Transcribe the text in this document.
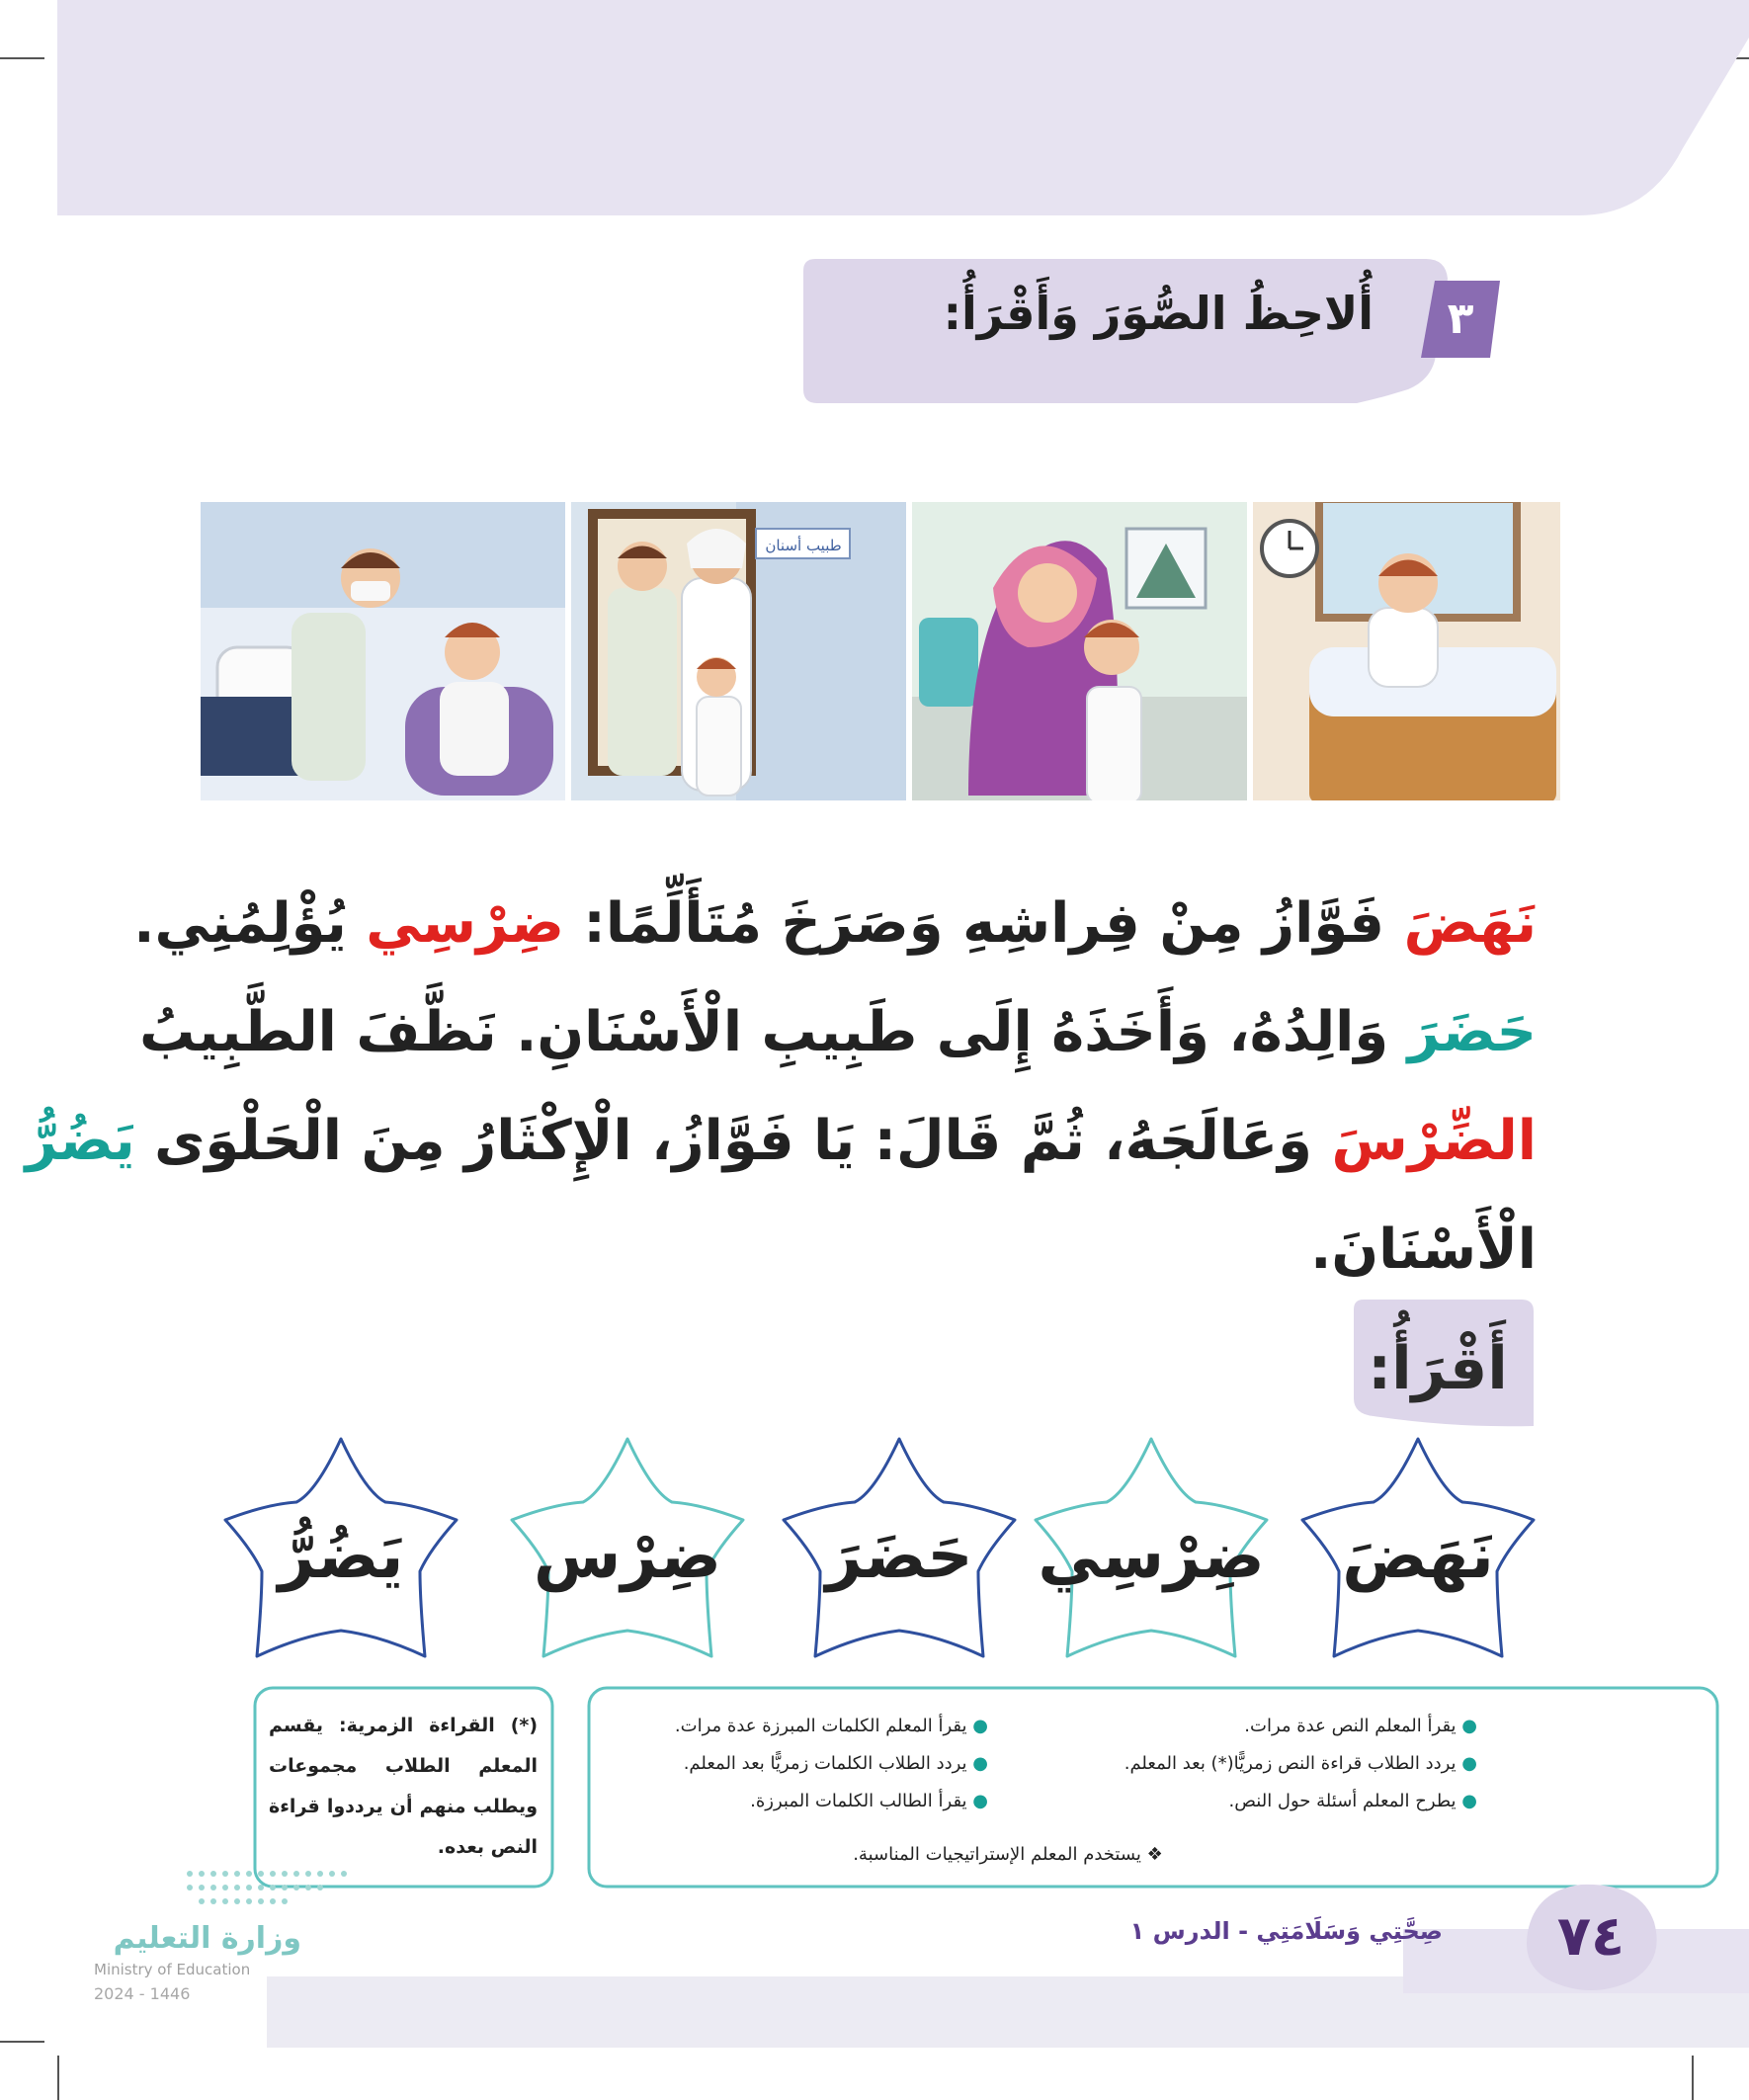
٣
أُلاحِظُ الصُّوَرَ وَأَقْرَأُ:
طبيب أسنان

نَهَضَ فَوَّازُ مِنْ فِراشِهِ وَصَرَخَ مُتَأَلِّمًا: ضِرْسِي يُؤْلِمُنِي.

حَضَرَ وَالِدُهُ، وَأَخَذَهُ إِلَى طَبِيبِ الْأَسْنَانِ. نَظَّفَ الطَّبِيبُ

الضِّرْسَ وَعَالَجَهُ، ثُمَّ قَالَ: يَا فَوَّازُ، الْإِكْثَارُ مِنَ الْحَلْوَى يَضُرُّ

الْأَسْنَانَ.

أَقْرَأُ:
نَهَضَ
ضِرْسِي
حَضَرَ
ضِرْس
يَضُرُّ
● يقرأ المعلم النص عدة مرات.
● يردد الطلاب قراءة النص زمريًّا(*) بعد المعلم.
● يطرح المعلم أسئلة حول النص.
● يقرأ المعلم الكلمات المبرزة عدة مرات.
● يردد الطلاب الكلمات زمريًّا بعد المعلم.
● يقرأ الطالب الكلمات المبرزة.
❖ يستخدم المعلم الإستراتيجيات المناسبة.
(*) القراءة الزمرية: يقسم المعلم الطلاب مجموعات ويطلب منهم أن يرددوا قراءة النص بعده.
٧٤
صِحَّتِي وَسَلَامَتِي - الدرس ١
وزارة التعليم
Ministry of Education
2024 - 1446
